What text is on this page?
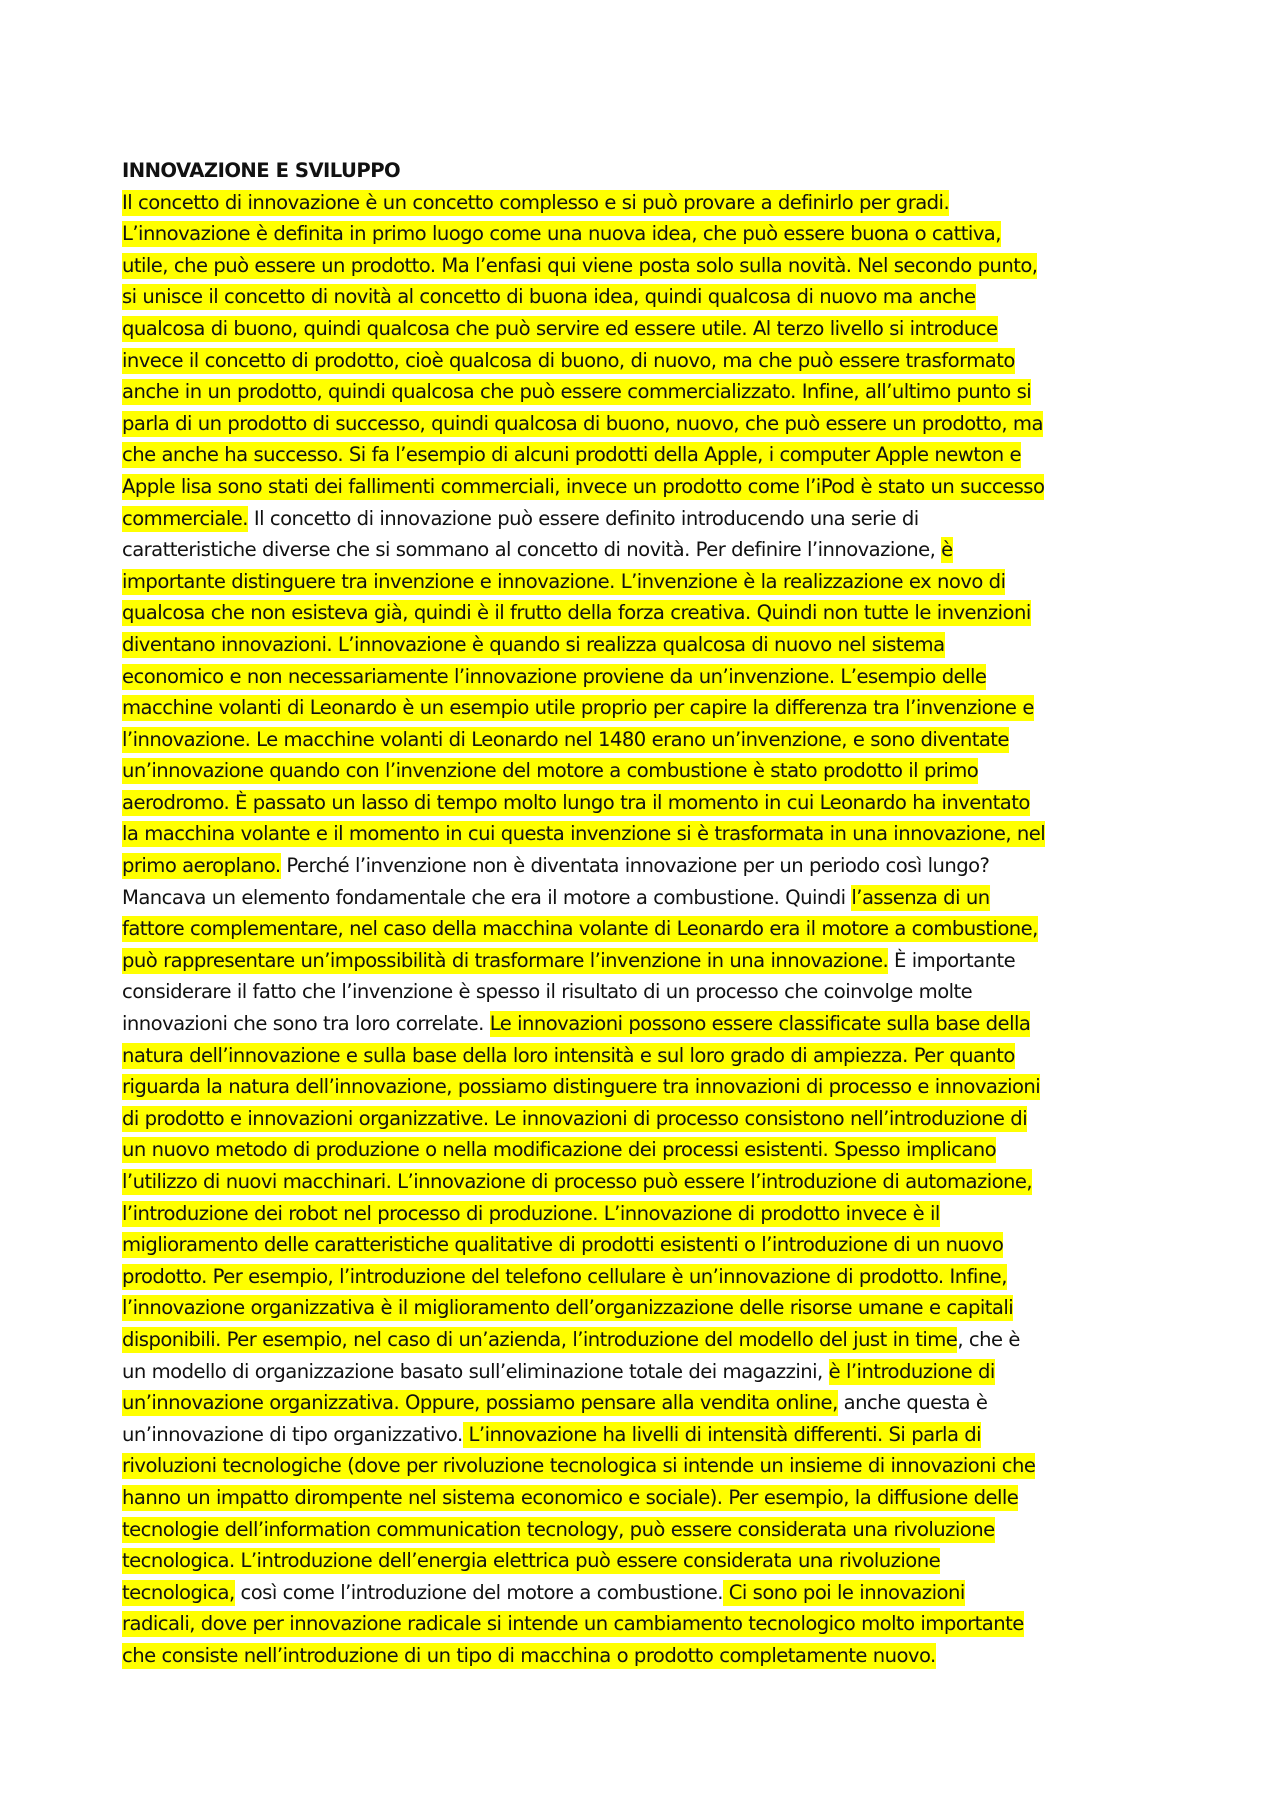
INNOVAZIONE E SVILUPPO
Il concetto di innovazione è un concetto complesso e si può provare a definirlo per gradi.
L’innovazione è definita in primo luogo come una nuova idea, che può essere buona o cattiva,
utile, che può essere un prodotto. Ma l’enfasi qui viene posta solo sulla novità. Nel secondo punto,
si unisce il concetto di novità al concetto di buona idea, quindi qualcosa di nuovo ma anche
qualcosa di buono, quindi qualcosa che può servire ed essere utile. Al terzo livello si introduce
invece il concetto di prodotto, cioè qualcosa di buono, di nuovo, ma che può essere trasformato
anche in un prodotto, quindi qualcosa che può essere commercializzato. Infine, all’ultimo punto si
parla di un prodotto di successo, quindi qualcosa di buono, nuovo, che può essere un prodotto, ma
che anche ha successo. Si fa l’esempio di alcuni prodotti della Apple, i computer Apple newton e
Apple lisa sono stati dei fallimenti commerciali, invece un prodotto come l’iPod è stato un successo
commerciale. Il concetto di innovazione può essere definito introducendo una serie di
caratteristiche diverse che si sommano al concetto di novità. Per definire l’innovazione, è
importante distinguere tra invenzione e innovazione. L’invenzione è la realizzazione ex novo di
qualcosa che non esisteva già, quindi è il frutto della forza creativa. Quindi non tutte le invenzioni
diventano innovazioni. L’innovazione è quando si realizza qualcosa di nuovo nel sistema
economico e non necessariamente l’innovazione proviene da un’invenzione. L’esempio delle
macchine volanti di Leonardo è un esempio utile proprio per capire la differenza tra l’invenzione e
l’innovazione. Le macchine volanti di Leonardo nel 1480 erano un’invenzione, e sono diventate
un’innovazione quando con l’invenzione del motore a combustione è stato prodotto il primo
aerodromo. È passato un lasso di tempo molto lungo tra il momento in cui Leonardo ha inventato
la macchina volante e il momento in cui questa invenzione si è trasformata in una innovazione, nel
primo aeroplano. Perché l’invenzione non è diventata innovazione per un periodo così lungo?
Mancava un elemento fondamentale che era il motore a combustione. Quindi l’assenza di un
fattore complementare, nel caso della macchina volante di Leonardo era il motore a combustione,
può rappresentare un’impossibilità di trasformare l’invenzione in una innovazione. È importante
considerare il fatto che l’invenzione è spesso il risultato di un processo che coinvolge molte
innovazioni che sono tra loro correlate. Le innovazioni possono essere classificate sulla base della
natura dell’innovazione e sulla base della loro intensità e sul loro grado di ampiezza. Per quanto
riguarda la natura dell’innovazione, possiamo distinguere tra innovazioni di processo e innovazioni
di prodotto e innovazioni organizzative. Le innovazioni di processo consistono nell’introduzione di
un nuovo metodo di produzione o nella modificazione dei processi esistenti. Spesso implicano
l’utilizzo di nuovi macchinari. L’innovazione di processo può essere l’introduzione di automazione,
l’introduzione dei robot nel processo di produzione. L’innovazione di prodotto invece è il
miglioramento delle caratteristiche qualitative di prodotti esistenti o l’introduzione di un nuovo
prodotto. Per esempio, l’introduzione del telefono cellulare è un’innovazione di prodotto. Infine,
l’innovazione organizzativa è il miglioramento dell’organizzazione delle risorse umane e capitali
disponibili. Per esempio, nel caso di un’azienda, l’introduzione del modello del just in time, che è
un modello di organizzazione basato sull’eliminazione totale dei magazzini, è l’introduzione di
un’innovazione organizzativa. Oppure, possiamo pensare alla vendita online, anche questa è
un’innovazione di tipo organizzativo. L’innovazione ha livelli di intensità differenti. Si parla di
rivoluzioni tecnologiche (dove per rivoluzione tecnologica si intende un insieme di innovazioni che
hanno un impatto dirompente nel sistema economico e sociale). Per esempio, la diffusione delle
tecnologie dell’information communication tecnology, può essere considerata una rivoluzione
tecnologica. L’introduzione dell’energia elettrica può essere considerata una rivoluzione
tecnologica, così come l’introduzione del motore a combustione. Ci sono poi le innovazioni
radicali, dove per innovazione radicale si intende un cambiamento tecnologico molto importante
che consiste nell’introduzione di un tipo di macchina o prodotto completamente nuovo.
